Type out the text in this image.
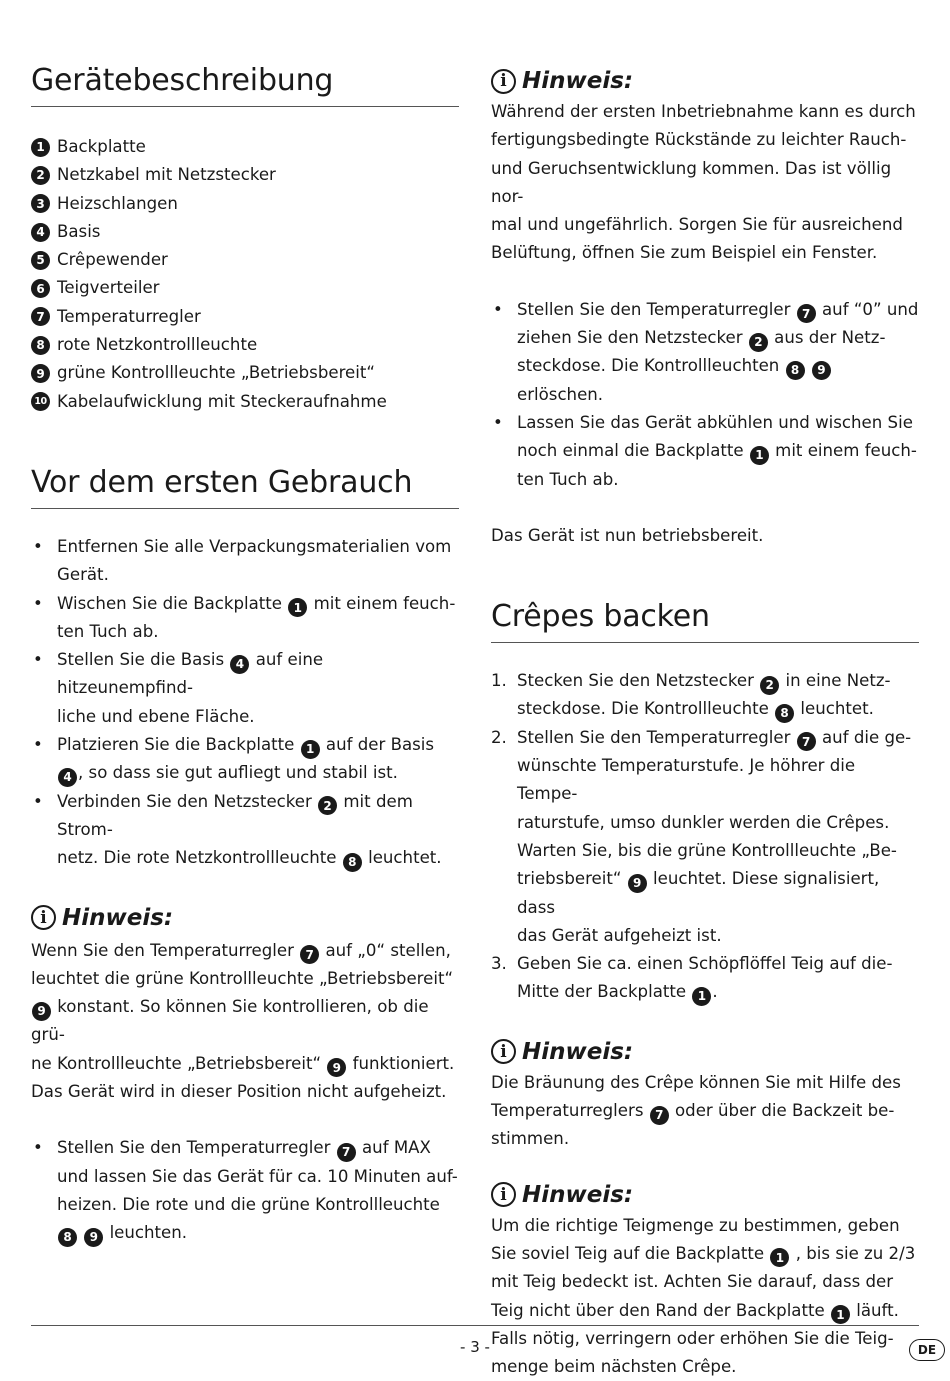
Gerätebeschreibung
1 Backplatte
2 Netzkabel mit Netzstecker
3 Heizschlangen
4 Basis
5 Crêpewender
6 Teigverteiler
7 Temperaturregler
8 rote Netzkontrollleuchte
9 grüne Kontrollleuchte „Betriebsbereit“
10 Kabelaufwicklung mit Steckeraufnahme
Vor dem ersten Gebrauch
• Entfernen Sie alle Verpackungsmaterialien vom
Gerät.
• Wischen Sie die Backplatte 1 mit einem feuch-
ten Tuch ab.
• Stellen Sie die Basis 4 auf eine hitzeunempfind-
liche und ebene Fläche.
• Platzieren Sie die Backplatte 1 auf der Basis
4 , so dass sie gut aufliegt und stabil ist.
• Verbinden Sie den Netzstecker 2 mit dem Strom-
netz. Die rote Netzkontrollleuchte 8 leuchtet.
i Hinweis:

Wenn Sie den Temperaturregler 7 auf „0“ stellen,
leuchtet die grüne Kontrollleuchte „Betriebsbereit“
9 konstant. So können Sie kontrollieren, ob die grü-
ne Kontrollleuchte „Betriebsbereit“ 9 funktioniert.
Das Gerät wird in dieser Position nicht aufgeheizt.

• Stellen Sie den Temperaturregler 7 auf MAX
und lassen Sie das Gerät für ca. 10 Minuten auf-
heizen. Die rote und die grüne Kontrollleuchte
8 9 leuchten.
i Hinweis:

Während der ersten Inbetriebnahme kann es durch
fertigungsbedingte Rückstände zu leichter Rauch-
und Geruchsentwicklung kommen. Das ist völlig nor-
mal und ungefährlich. Sorgen Sie für ausreichend
Belüftung, öffnen Sie zum Beispiel ein Fenster.

• Stellen Sie den Temperaturregler 7 auf “0” und
ziehen Sie den Netzstecker 2 aus der Netz-
steckdose. Die Kontrollleuchten 8 9 erlöschen.
• Lassen Sie das Gerät abkühlen und wischen Sie
noch einmal die Backplatte 1 mit einem feuch-
ten Tuch ab.

Das Gerät ist nun betriebsbereit.

Crêpes backen
1. Stecken Sie den Netzstecker 2 in eine Netz-
steckdose. Die Kontrollleuchte 8 leuchtet.
2. Stellen Sie den Temperaturregler 7 auf die ge-
wünschte Temperaturstufe. Je höhrer die Tempe-
raturstufe, umso dunkler werden die Crêpes.
Warten Sie, bis die grüne Kontrollleuchte „Be-
triebsbereit“ 9 leuchtet. Diese signalisiert, dass
das Gerät aufgeheizt ist.
3. Geben Sie ca. einen Schöpflöffel Teig auf die-
Mitte der Backplatte 1 .
i Hinweis:

Die Bräunung des Crêpe können Sie mit Hilfe des
Temperaturreglers 7 oder über die Backzeit be-
stimmen.

i Hinweis:

Um die richtige Teigmenge zu bestimmen, geben
Sie soviel Teig auf die Backplatte 1 , bis sie zu 2/3
mit Teig bedeckt ist. Achten Sie darauf, dass der
Teig nicht über den Rand der Backplatte 1 läuft.
Falls nötig, verringern oder erhöhen Sie die Teig-
menge beim nächsten Crêpe.

- 3 -	DE
